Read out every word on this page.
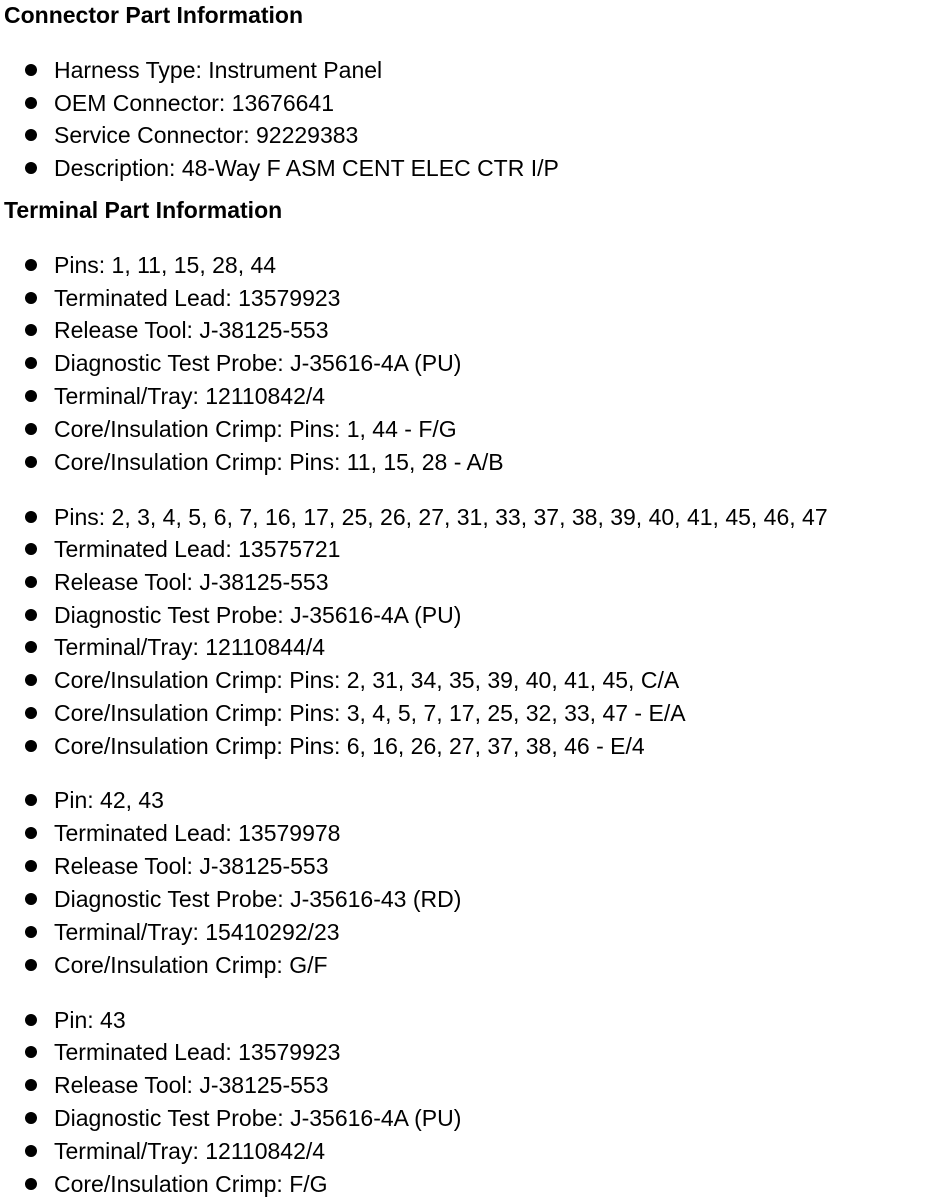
Connector Part Information
Harness Type: Instrument Panel
OEM Connector: 13676641
Service Connector: 92229383
Description: 48-Way F ASM CENT ELEC CTR I/P
Terminal Part Information
Pins: 1, 11, 15, 28, 44
Terminated Lead: 13579923
Release Tool: J-38125-553
Diagnostic Test Probe: J-35616-4A (PU)
Terminal/Tray: 12110842/4
Core/Insulation Crimp: Pins: 1, 44 - F/G
Core/Insulation Crimp: Pins: 11, 15, 28 - A/B
Pins: 2, 3, 4, 5, 6, 7, 16, 17, 25, 26, 27, 31, 33, 37, 38, 39, 40, 41, 45, 46, 47
Terminated Lead: 13575721
Release Tool: J-38125-553
Diagnostic Test Probe: J-35616-4A (PU)
Terminal/Tray: 12110844/4
Core/Insulation Crimp: Pins: 2, 31, 34, 35, 39, 40, 41, 45, C/A
Core/Insulation Crimp: Pins: 3, 4, 5, 7, 17, 25, 32, 33, 47 - E/A
Core/Insulation Crimp: Pins: 6, 16, 26, 27, 37, 38, 46 - E/4
Pin: 42, 43
Terminated Lead: 13579978
Release Tool: J-38125-553
Diagnostic Test Probe: J-35616-43 (RD)
Terminal/Tray: 15410292/23
Core/Insulation Crimp: G/F
Pin: 43
Terminated Lead: 13579923
Release Tool: J-38125-553
Diagnostic Test Probe: J-35616-4A (PU)
Terminal/Tray: 12110842/4
Core/Insulation Crimp: F/G
